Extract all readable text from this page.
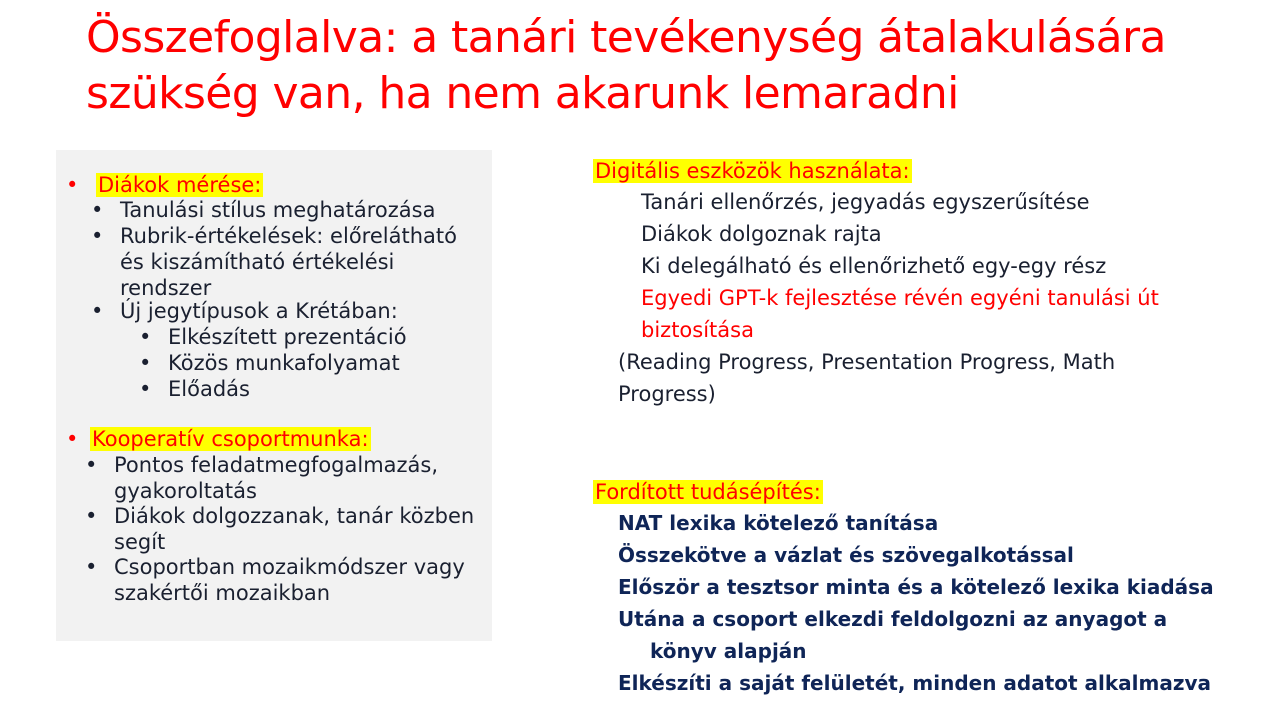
Összefoglalva: a tanári tevékenység átalakulására
szükség van, ha nem akarunk lemaradni
• Diákok mérése:
• Tanulási stílus meghatározása
• Rubrik-értékelések: előrelátható és kiszámítható értékelési rendszer
• Új jegytípusok a Krétában:
• Elkészített prezentáció
• Közös munkafolyamat
• Előadás
• Kooperatív csoportmunka:
• Pontos feladatmegfogalmazás, gyakoroltatás
• Diákok dolgozzanak, tanár közben segít
• Csoportban mozaikmódszer vagy szakértői mozaikban
Digitális eszközök használata:
Tanári ellenőrzés, jegyadás egyszerűsítése
Diákok dolgoznak rajta
Ki delegálható és ellenőrizhető egy-egy rész
Egyedi GPT-k fejlesztése révén egyéni tanulási út
biztosítása
(Reading Progress, Presentation Progress, Math
Progress)
Fordított tudásépítés:
NAT lexika kötelező tanítása
Összekötve a vázlat és szövegalkotással
Először a tesztsor minta és a kötelező lexika kiadása
Utána a csoport elkezdi feldolgozni az anyagot a
könyv alapján
Elkészíti a saját felületét, minden adatot alkalmazva
